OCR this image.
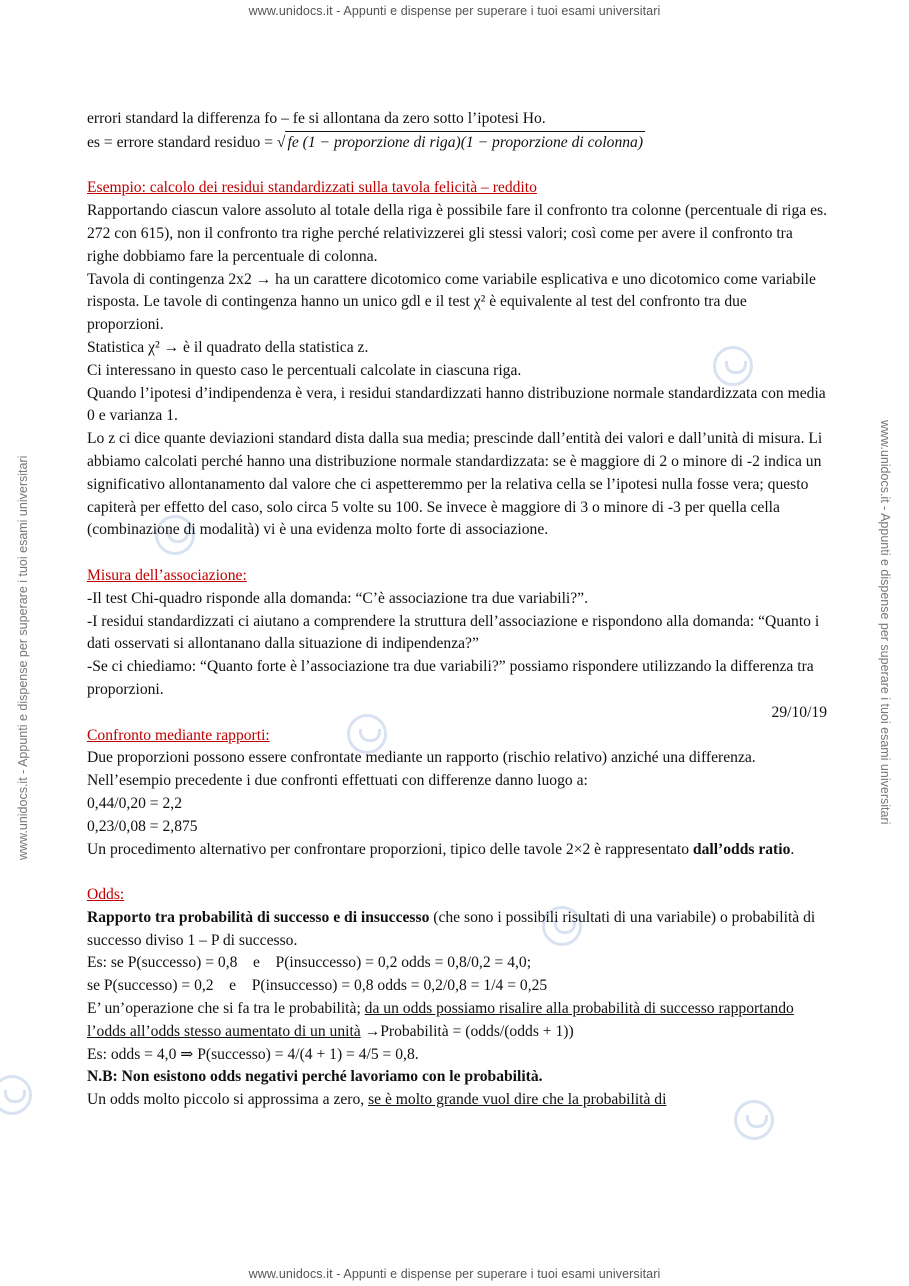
www.unidocs.it - Appunti e dispense per superare i tuoi esami universitari
www.unidocs.it - Appunti e dispense per superare i tuoi esami universitari	www.unidocs.it - Appunti e dispense per superare i tuoi esami universitari

errori standard la differenza fo – fe si allontana da zero sotto l’ipotesi Ho.

es = errore standard residuo = √ fe (1 − proporzione di riga)(1 − proporzione di colonna)

Esempio: calcolo dei residui standardizzati sulla tavola felicità – reddito

Rapportando ciascun valore assoluto al totale della riga è possibile fare il confronto tra colonne (percentuale di riga es. 272 con 615), non il confronto tra righe perché relativizzerei gli stessi valori; così come per avere il confronto tra righe dobbiamo fare la percentuale di colonna.

Tavola di contingenza 2x2 → ha un carattere dicotomico come variabile esplicativa e uno dicotomico come variabile risposta. Le tavole di contingenza hanno un unico gdl e il test χ² è equivalente al test del confronto tra due proporzioni.

Statistica χ² → è il quadrato della statistica z.

Ci interessano in questo caso le percentuali calcolate in ciascuna riga.

Quando l’ipotesi d’indipendenza è vera, i residui standardizzati hanno distribuzione normale standardizzata con media 0 e varianza 1.

Lo z ci dice quante deviazioni standard dista dalla sua media; prescinde dall’entità dei valori e dall’unità di misura. Li abbiamo calcolati perché hanno una distribuzione normale standardizzata: se è maggiore di 2 o minore di -2 indica un significativo allontanamento dal valore che ci aspetteremmo per la relativa cella se l’ipotesi nulla fosse vera; questo capiterà per effetto del caso, solo circa 5 volte su 100. Se invece è maggiore di 3 o minore di -3 per quella cella (combinazione di modalità) vi è una evidenza molto forte di associazione.

Misura dell’associazione:

-Il test Chi-quadro risponde alla domanda: “C’è associazione tra due variabili?”.

-I residui standardizzati ci aiutano a comprendere la struttura dell’associazione e rispondono alla domanda: “Quanto i dati osservati si allontanano dalla situazione di indipendenza?”

-Se ci chiediamo: “Quanto forte è l’associazione tra due variabili?” possiamo rispondere utilizzando la differenza tra proporzioni.

29/10/19

Confronto mediante rapporti:

Due proporzioni possono essere confrontate mediante un rapporto (rischio relativo) anziché una differenza.

Nell’esempio precedente i due confronti effettuati con differenze danno luogo a:

0,44/0,20 = 2,2

0,23/0,08 = 2,875

Un procedimento alternativo per confrontare proporzioni, tipico delle tavole 2×2 è rappresentato dall’odds ratio.

Odds:

Rapporto tra probabilità di successo e di insuccesso (che sono i possibili risultati di una variabile) o probabilità di successo diviso 1 – P di successo.

Es: se P(successo) = 0,8    e    P(insuccesso) = 0,2 odds = 0,8/0,2 = 4,0;

se P(successo) = 0,2    e    P(insuccesso) = 0,8 odds = 0,2/0,8 = 1/4 = 0,25

E’ un’operazione che si fa tra le probabilità; da un odds possiamo risalire alla probabilità di successo rapportando l’odds all’odds stesso aumentato di un unità →Probabilità = (odds/(odds + 1))

Es: odds = 4,0 ⇒ P(successo) = 4/(4 + 1) = 4/5 = 0,8.

N.B: Non esistono odds negativi perché lavoriamo con le probabilità.

Un odds molto piccolo si approssima a zero, se è molto grande vuol dire che la probabilità di

www.unidocs.it - Appunti e dispense per superare i tuoi esami universitari
